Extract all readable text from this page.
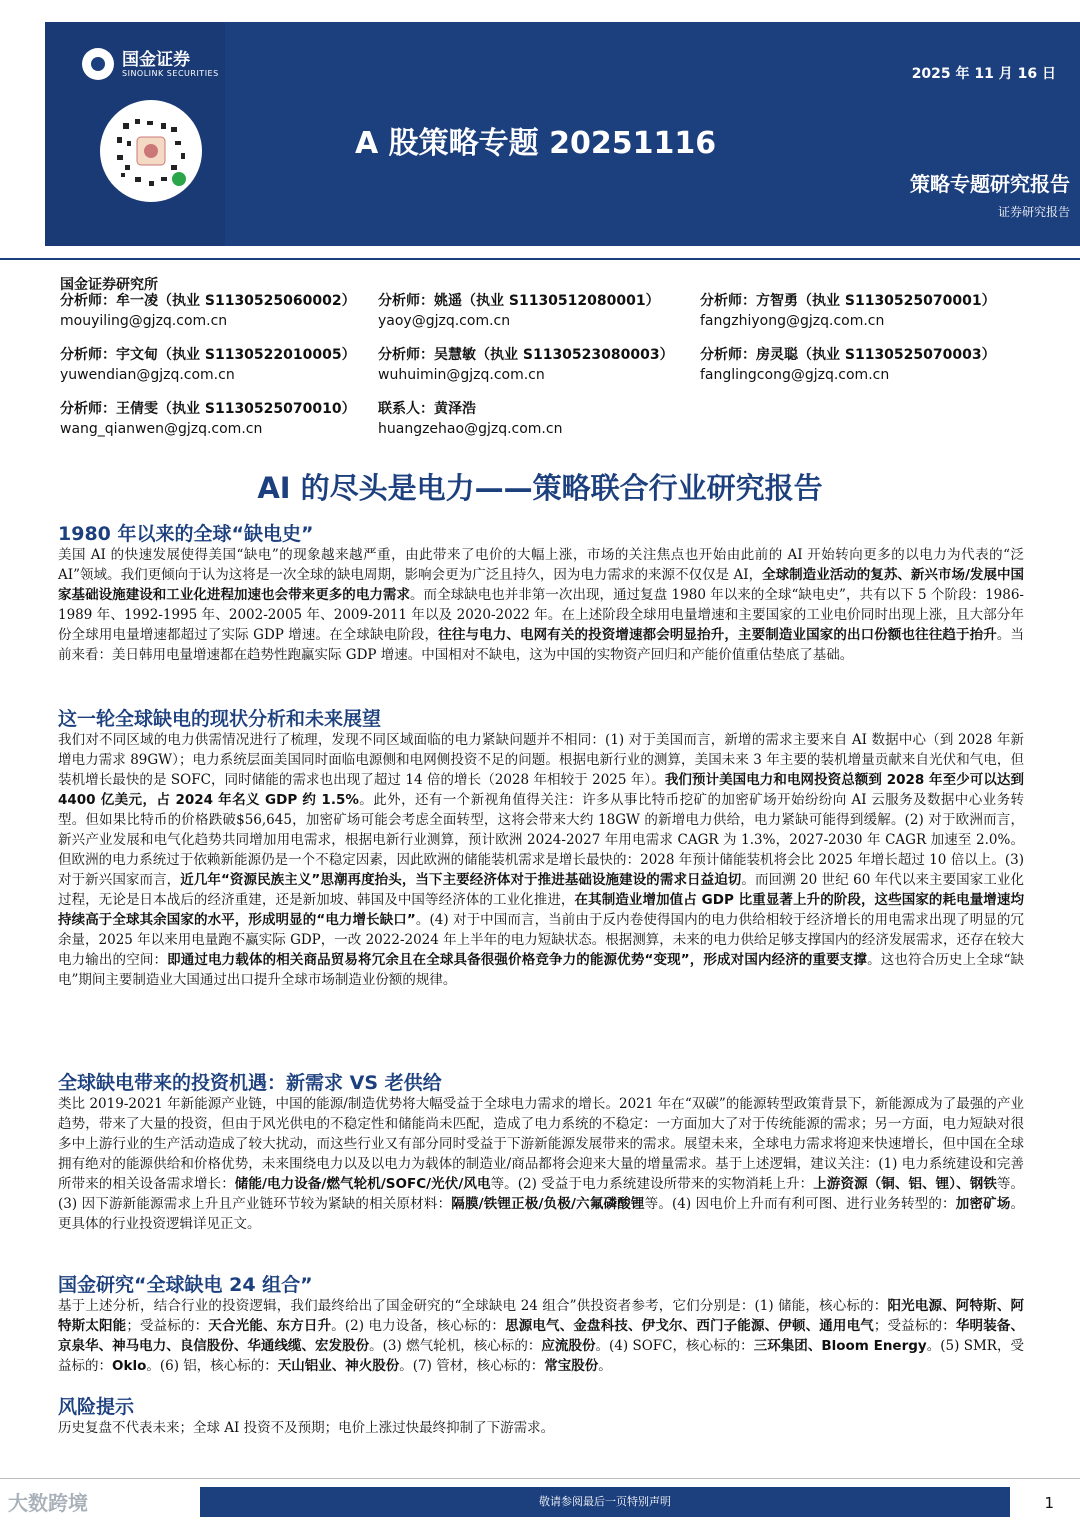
国金证券
SINOLINK SECURITIES	2025 年 11 月 16 日
A 股策略专题 20251116
策略专题研究报告
证券研究报告
国金证券研究所
分析师：牟一凌（执业 S1130525060002）
mouyiling@gjzq.com.cn
分析师：姚遥（执业 S1130512080001）
yaoy@gjzq.com.cn
分析师：方智勇（执业 S1130525070001）
fangzhiyong@gjzq.com.cn
分析师：宇文甸（执业 S1130522010005）
yuwendian@gjzq.com.cn
分析师：吴慧敏（执业 S1130523080003）
wuhuimin@gjzq.com.cn
分析师：房灵聪（执业 S1130525070003）
fanglingcong@gjzq.com.cn
分析师：王倩雯（执业 S1130525070010）
wang_qianwen@gjzq.com.cn
联系人：黄泽浩
huangzehao@gjzq.com.cn
AI 的尽头是电力——策略联合行业研究报告
1980 年以来的全球“缺电史”

美国 AI 的快速发展使得美国“缺电”的现象越来越严重，由此带来了电价的大幅上涨，市场的关注焦点也开始由此前的 AI 开始转向更多的以电力为代表的“泛 AI”领域。我们更倾向于认为这将是一次全球的缺电周期，影响会更为广泛且持久，因为电力需求的来源不仅仅是 AI，全球制造业活动的复苏、新兴市场/发展中国家基础设施建设和工业化进程加速也会带来更多的电力需求。而全球缺电也并非第一次出现，通过复盘 1980 年以来的全球“缺电史”，共有以下 5 个阶段：1986-1989 年、1992-1995 年、2002-2005 年、2009-2011 年以及 2020-2022 年。在上述阶段全球用电量增速和主要国家的工业电价同时出现上涨，且大部分年份全球用电量增速都超过了实际 GDP 增速。在全球缺电阶段，往往与电力、电网有关的投资增速都会明显抬升，主要制造业国家的出口份额也往往趋于抬升。当前来看：美日韩用电量增速都在趋势性跑赢实际 GDP 增速。中国相对不缺电，这为中国的实物资产回归和产能价值重估垫底了基础。

这一轮全球缺电的现状分析和未来展望

我们对不同区域的电力供需情况进行了梳理，发现不同区域面临的电力紧缺问题并不相同：(1) 对于美国而言，新增的需求主要来自 AI 数据中心（到 2028 年新增电力需求 89GW）；电力系统层面美国同时面临电源侧和电网侧投资不足的问题。根据电新行业的测算，美国未来 3 年主要的装机增量贡献来自光伏和气电，但装机增长最快的是 SOFC，同时储能的需求也出现了超过 14 倍的增长（2028 年相较于 2025 年）。我们预计美国电力和电网投资总额到 2028 年至少可以达到 4400 亿美元，占 2024 年名义 GDP 约 1.5%。此外，还有一个新视角值得关注：许多从事比特币挖矿的加密矿场开始纷纷向 AI 云服务及数据中心业务转型。但如果比特币的价格跌破$56,645，加密矿场可能会考虑全面转型，这将会带来大约 18GW 的新增电力供给，电力紧缺可能得到缓解。(2) 对于欧洲而言，新兴产业发展和电气化趋势共同增加用电需求，根据电新行业测算，预计欧洲 2024-2027 年用电需求 CAGR 为 1.3%，2027-2030 年 CAGR 加速至 2.0%。但欧洲的电力系统过于依赖新能源仍是一个不稳定因素，因此欧洲的储能装机需求是增长最快的：2028 年预计储能装机将会比 2025 年增长超过 10 倍以上。(3) 对于新兴国家而言，近几年“资源民族主义”思潮再度抬头，当下主要经济体对于推进基础设施建设的需求日益迫切。而回溯 20 世纪 60 年代以来主要国家工业化过程，无论是日本战后的经济重建，还是新加坡、韩国及中国等经济体的工业化推进，在其制造业增加值占 GDP 比重显著上升的阶段，这些国家的耗电量增速均持续高于全球其余国家的水平，形成明显的“电力增长缺口”。(4) 对于中国而言，当前由于反内卷使得国内的电力供给相较于经济增长的用电需求出现了明显的冗余量，2025 年以来用电量跑不赢实际 GDP，一改 2022-2024 年上半年的电力短缺状态。根据测算，未来的电力供给足够支撑国内的经济发展需求，还存在较大电力输出的空间：即通过电力载体的相关商品贸易将冗余且在全球具备很强价格竞争力的能源优势“变现”，形成对国内经济的重要支撑。这也符合历史上全球“缺电”期间主要制造业大国通过出口提升全球市场制造业份额的规律。

全球缺电带来的投资机遇：新需求 VS 老供给

类比 2019-2021 年新能源产业链，中国的能源/制造优势将大幅受益于全球电力需求的增长。2021 年在“双碳”的能源转型政策背景下，新能源成为了最强的产业趋势，带来了大量的投资，但由于风光供电的不稳定性和储能尚未匹配，造成了电力系统的不稳定：一方面加大了对于传统能源的需求；另一方面，电力短缺对很多中上游行业的生产活动造成了较大扰动，而这些行业又有部分同时受益于下游新能源发展带来的需求。展望未来，全球电力需求将迎来快速增长，但中国在全球拥有绝对的能源供给和价格优势，未来围绕电力以及以电力为载体的制造业/商品都将会迎来大量的增量需求。基于上述逻辑，建议关注：(1) 电力系统建设和完善所带来的相关设备需求增长：储能/电力设备/燃气轮机/SOFC/光伏/风电等。(2) 受益于电力系统建设所带来的实物消耗上升：上游资源（铜、铝、锂）、钢铁等。(3) 因下游新能源需求上升且产业链环节较为紧缺的相关原材料：隔膜/铁锂正极/负极/六氟磷酸锂等。(4) 因电价上升而有利可图、进行业务转型的：加密矿场。更具体的行业投资逻辑详见正文。

国金研究“全球缺电 24 组合”

基于上述分析，结合行业的投资逻辑，我们最终给出了国金研究的“全球缺电 24 组合”供投资者参考，它们分别是：(1) 储能，核心标的：阳光电源、阿特斯、阿特斯太阳能；受益标的：天合光能、东方日升。(2) 电力设备，核心标的：思源电气、金盘科技、伊戈尔、西门子能源、伊顿、通用电气；受益标的：华明装备、京泉华、神马电力、良信股份、华通线缆、宏发股份。(3) 燃气轮机，核心标的：应流股份。(4) SOFC，核心标的：三环集团、Bloom Energy。(5) SMR，受益标的：Oklo。(6) 铝，核心标的：天山铝业、神火股份。(7) 管材，核心标的：常宝股份。

风险提示

历史复盘不代表未来；全球 AI 投资不及预期；电价上涨过快最终抑制了下游需求。

大数跨境	敬请参阅最后一页特别声明	1
